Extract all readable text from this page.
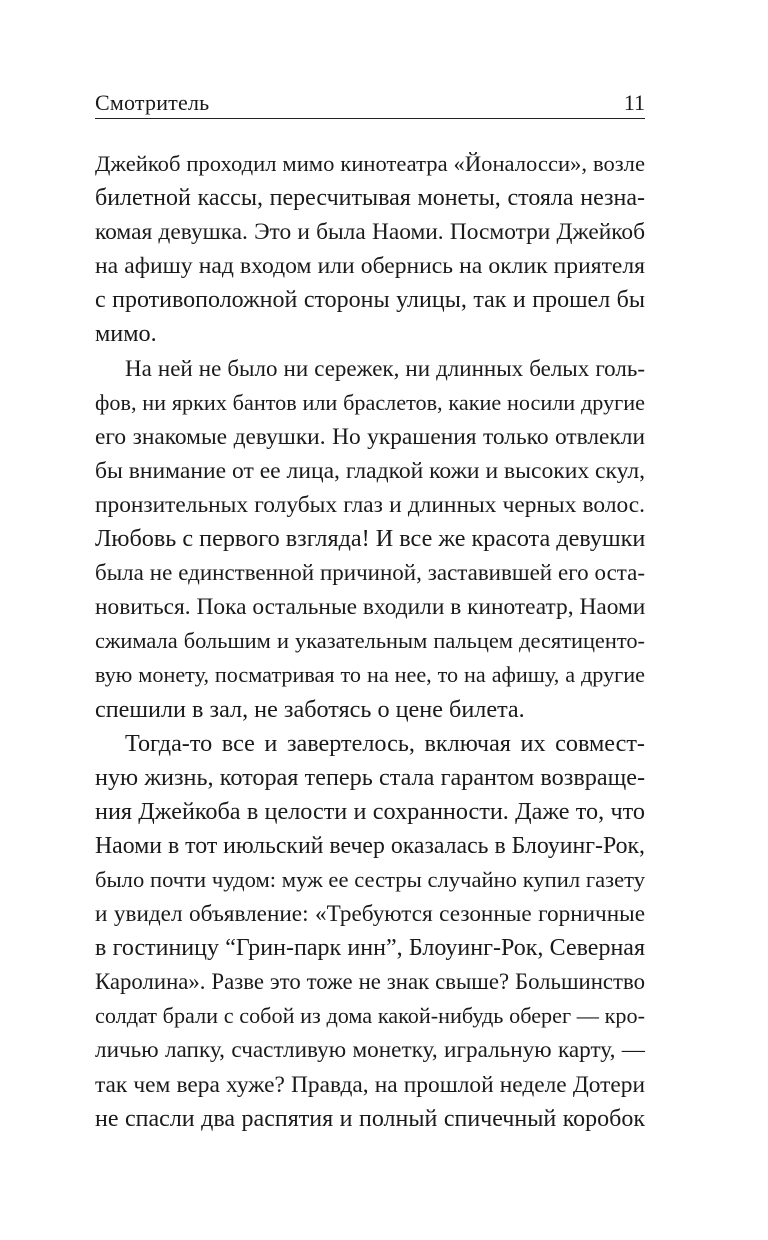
Смотритель	11
Джейкоб проходил мимо кинотеатра «Йоналосси», возле
билетной кассы, пересчитывая монеты, стояла незна-
комая девушка. Это и была Наоми. Посмотри Джейкоб
на афишу над входом или обернись на оклик приятеля
с противоположной стороны улицы, так и прошел бы
мимо.
На ней не было ни сережек, ни длинных белых голь-
фов, ни ярких бантов или браслетов, какие носили другие
его знакомые девушки. Но украшения только отвлекли
бы внимание от ее лица, гладкой кожи и высоких скул,
пронзительных голубых глаз и длинных черных волос.
Любовь с первого взгляда! И все же красота девушки
была не единственной причиной, заставившей его оста-
новиться. Пока остальные входили в кинотеатр, Наоми
сжимала большим и указательным пальцем десятиценто-
вую монету, посматривая то на нее, то на афишу, а другие
спешили в зал, не заботясь о цене билета.
Тогда-то все и завертелось, включая их совмест-
ную жизнь, которая теперь стала гарантом возвраще-
ния Джейкоба в целости и сохранности. Даже то, что
Наоми в тот июльский вечер оказалась в Блоуинг-Рок,
было почти чудом: муж ее сестры случайно купил газету
и увидел объявление: «Требуются сезонные горничные
в гостиницу “Грин-парк инн”, Блоуинг-Рок, Северная
Каролина». Разве это тоже не знак свыше? Большинство
солдат брали с собой из дома какой-нибудь оберег — кро-
личью лапку, счастливую монетку, игральную карту, —
так чем вера хуже? Правда, на прошлой неделе Дотери
не спасли два распятия и полный спичечный коробок
